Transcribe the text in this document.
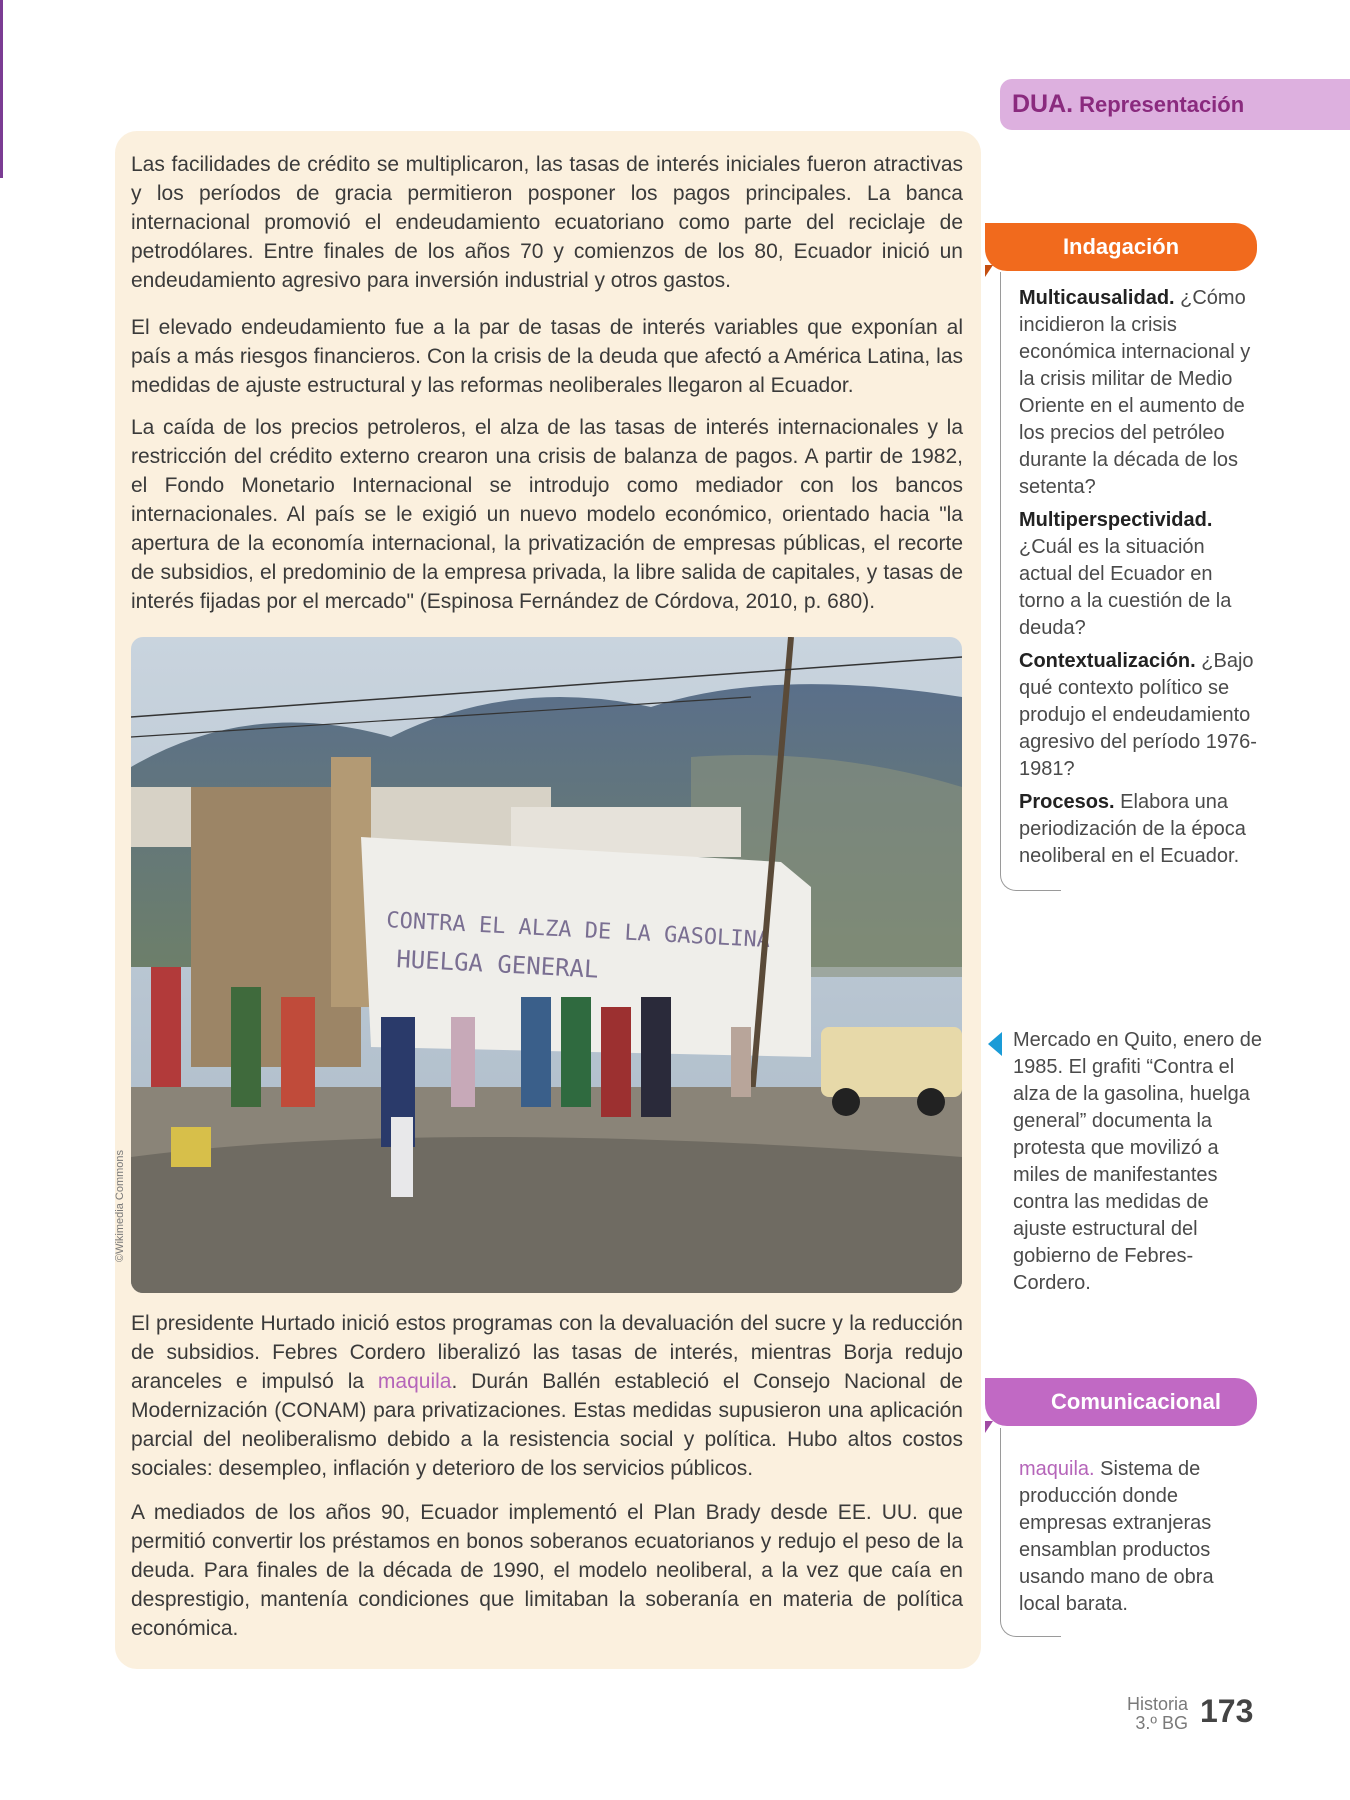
DUA. Representación

Las facilidades de crédito se multiplicaron, las tasas de interés iniciales fueron atractivas y los períodos de gracia permitieron posponer los pagos principales. La banca internacional promovió el endeudamiento ecuatoriano como parte del reciclaje de petrodólares. Entre finales de los años 70 y comienzos de los 80, Ecuador inició un endeudamiento agresivo para inversión industrial y otros gastos.

El elevado endeudamiento fue a la par de tasas de interés variables que exponían al país a más riesgos financieros. Con la crisis de la deuda que afectó a América Latina, las medidas de ajuste estructural y las reformas neoliberales llegaron al Ecuador.

La caída de los precios petroleros, el alza de las tasas de interés internacionales y la restricción del crédito externo crearon una crisis de balanza de pagos. A partir de 1982, el Fondo Monetario Internacional se introdujo como mediador con los bancos internacionales. Al país se le exigió un nuevo modelo económico, orientado hacia "la apertura de la economía internacional, la privatización de empresas públicas, el recorte de subsidios, el predominio de la empresa privada, la libre salida de capitales, y tasas de interés fijadas por el mercado" (Espinosa Fernández de Córdova, 2010, p. 680).

CONTRA EL ALZA DE LA GASOLINA
HUELGA GENERAL
©Wikimedia Commons

El presidente Hurtado inició estos programas con la devaluación del sucre y la reducción de subsidios. Febres Cordero liberalizó las tasas de interés, mientras Borja redujo aranceles e impulsó la maquila. Durán Ballén estableció el Consejo Nacional de Modernización (CONAM) para privatizaciones. Estas medidas supusieron una aplicación parcial del neoliberalismo debido a la resistencia social y política. Hubo altos costos sociales: desempleo, inflación y deterioro de los servicios públicos.

A mediados de los años 90, Ecuador implementó el Plan Brady desde EE. UU. que permitió convertir los préstamos en bonos soberanos ecuatorianos y redujo el peso de la deuda. Para finales de la década de 1990, el modelo neoliberal, a la vez que caía en desprestigio, mantenía condiciones que limitaban la soberanía en materia de política económica.

Indagación

Multicausalidad. ¿Cómo incidieron la crisis económica internacional y la crisis militar de Medio Oriente en el aumento de los precios del petróleo durante la década de los setenta?

Multiperspectividad. ¿Cuál es la situación actual del Ecuador en torno a la cuestión de la deuda?

Contextualización. ¿Bajo qué contexto político se produjo el endeudamiento agresivo del período 1976-1981?

Procesos. Elabora una periodización de la época neoliberal en el Ecuador.

Mercado en Quito, enero de 1985. El grafiti “Contra el alza de la gasolina, huelga general” documenta la protesta que movilizó a miles de manifestantes contra las medidas de ajuste estructural del gobierno de Febres-Cordero.
Comunicacional

maquila. Sistema de producción donde empresas extranjeras ensamblan productos usando mano de obra local barata.

Historia
3.º BG 173
